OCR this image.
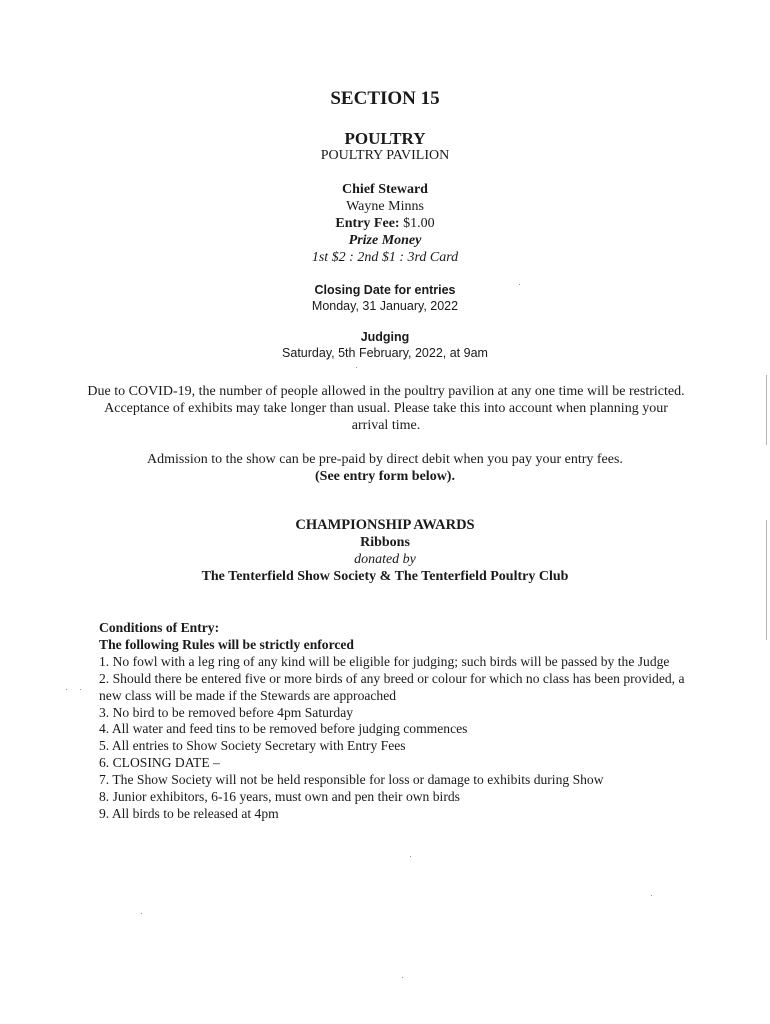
SECTION 15
POULTRY
POULTRY PAVILION
Chief Steward
Wayne Minns
Entry Fee: $1.00
Prize Money
1st $2 : 2nd $1 : 3rd Card
Closing Date for entries
Monday, 31 January, 2022
Judging
Saturday, 5th February, 2022, at 9am
Due to COVID-19, the number of people allowed in the poultry pavilion at any one time will be restricted. Acceptance of exhibits may take longer than usual. Please take this into account when planning your arrival time.
Admission to the show can be pre-paid by direct debit when you pay your entry fees.
(See entry form below).
CHAMPIONSHIP AWARDS
Ribbons
donated by
The Tenterfield Show Society & The Tenterfield Poultry Club
Conditions of Entry:
The following Rules will be strictly enforced
1. No fowl with a leg ring of any kind will be eligible for judging; such birds will be passed by the Judge
2. Should there be entered five or more birds of any breed or colour for which no class has been provided, a new class will be made if the Stewards are approached
3. No bird to be removed before 4pm Saturday
4. All water and feed tins to be removed before judging commences
5. All entries to Show Society Secretary with Entry Fees
6. CLOSING DATE –
7. The Show Society will not be held responsible for loss or damage to exhibits during Show
8. Junior exhibitors, 6-16 years, must own and pen their own birds
9. All birds to be released at 4pm
